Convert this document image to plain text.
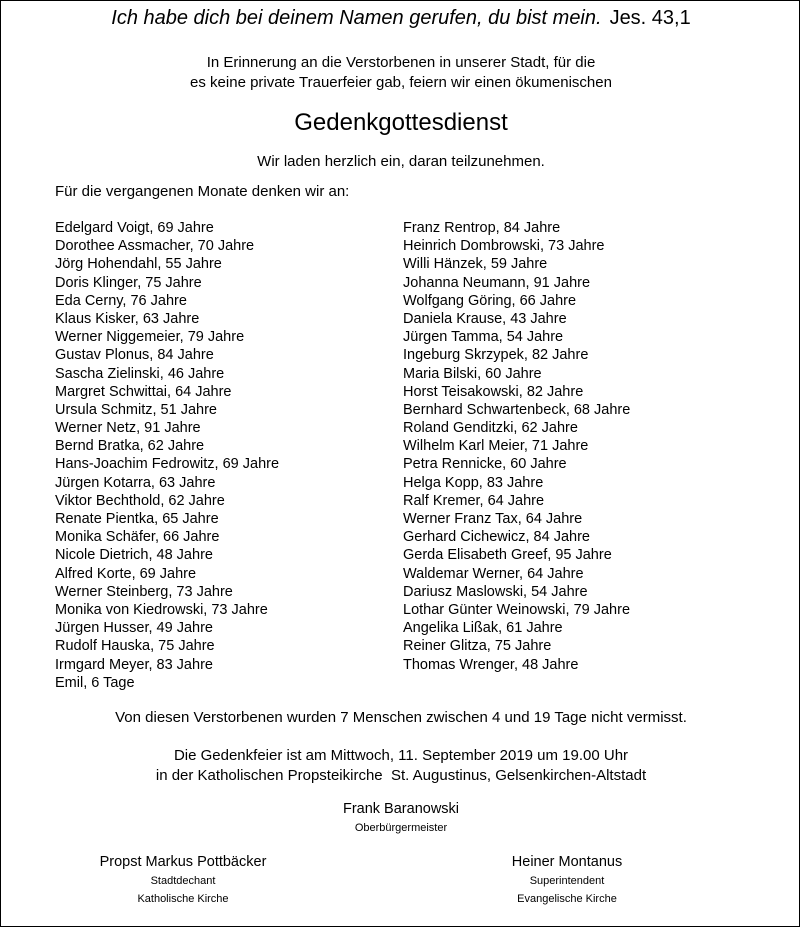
Ich habe dich bei deinem Namen gerufen, du bist mein. Jes. 43,1
In Erinnerung an die Verstorbenen in unserer Stadt, für die
es keine private Trauerfeier gab, feiern wir einen ökumenischen
Gedenkgottesdienst
Wir laden herzlich ein, daran teilzunehmen.
Für die vergangenen Monate denken wir an:
Edelgard Voigt, 69 Jahre
Dorothee Assmacher, 70 Jahre
Jörg Hohendahl, 55 Jahre
Doris Klinger, 75 Jahre
Eda Cerny, 76 Jahre
Klaus Kisker, 63 Jahre
Werner Niggemeier, 79 Jahre
Gustav Plonus, 84 Jahre
Sascha Zielinski, 46 Jahre
Margret Schwittai, 64 Jahre
Ursula Schmitz, 51 Jahre
Werner Netz, 91 Jahre
Bernd Bratka, 62 Jahre
Hans-Joachim Fedrowitz, 69 Jahre
Jürgen Kotarra, 63 Jahre
Viktor Bechthold, 62 Jahre
Renate Pientka, 65 Jahre
Monika Schäfer, 66 Jahre
Nicole Dietrich, 48 Jahre
Alfred Korte, 69 Jahre
Werner Steinberg, 73 Jahre
Monika von Kiedrowski, 73 Jahre
Jürgen Husser, 49 Jahre
Rudolf Hauska, 75 Jahre
Irmgard Meyer, 83 Jahre
Emil, 6 Tage
Franz Rentrop, 84 Jahre
Heinrich Dombrowski, 73 Jahre
Willi Hänzek, 59 Jahre
Johanna Neumann, 91 Jahre
Wolfgang Göring, 66 Jahre
Daniela Krause, 43 Jahre
Jürgen Tamma, 54 Jahre
Ingeburg Skrzypek, 82 Jahre
Maria Bilski, 60 Jahre
Horst Teisakowski, 82 Jahre
Bernhard Schwartenbeck, 68 Jahre
Roland Genditzki, 62 Jahre
Wilhelm Karl Meier, 71 Jahre
Petra Rennicke, 60 Jahre
Helga Kopp, 83 Jahre
Ralf Kremer, 64 Jahre
Werner Franz Tax, 64 Jahre
Gerhard Cichewicz, 84 Jahre
Gerda Elisabeth Greef, 95 Jahre
Waldemar Werner, 64 Jahre
Dariusz Maslowski, 54 Jahre
Lothar Günter Weinowski, 79 Jahre
Angelika Lißak, 61 Jahre
Reiner Glitza, 75 Jahre
Thomas Wrenger, 48 Jahre
Von diesen Verstorbenen wurden 7 Menschen zwischen 4 und 19 Tage nicht vermisst.
Die Gedenkfeier ist am Mittwoch, 11. September 2019 um 19.00 Uhr
in der Katholischen Propsteikirche  St. Augustinus, Gelsenkirchen-Altstadt
Frank Baranowski
Oberbürgermeister
Propst Markus Pottbäcker
Stadtdechant
Katholische Kirche
Heiner Montanus
Superintendent
Evangelische Kirche
